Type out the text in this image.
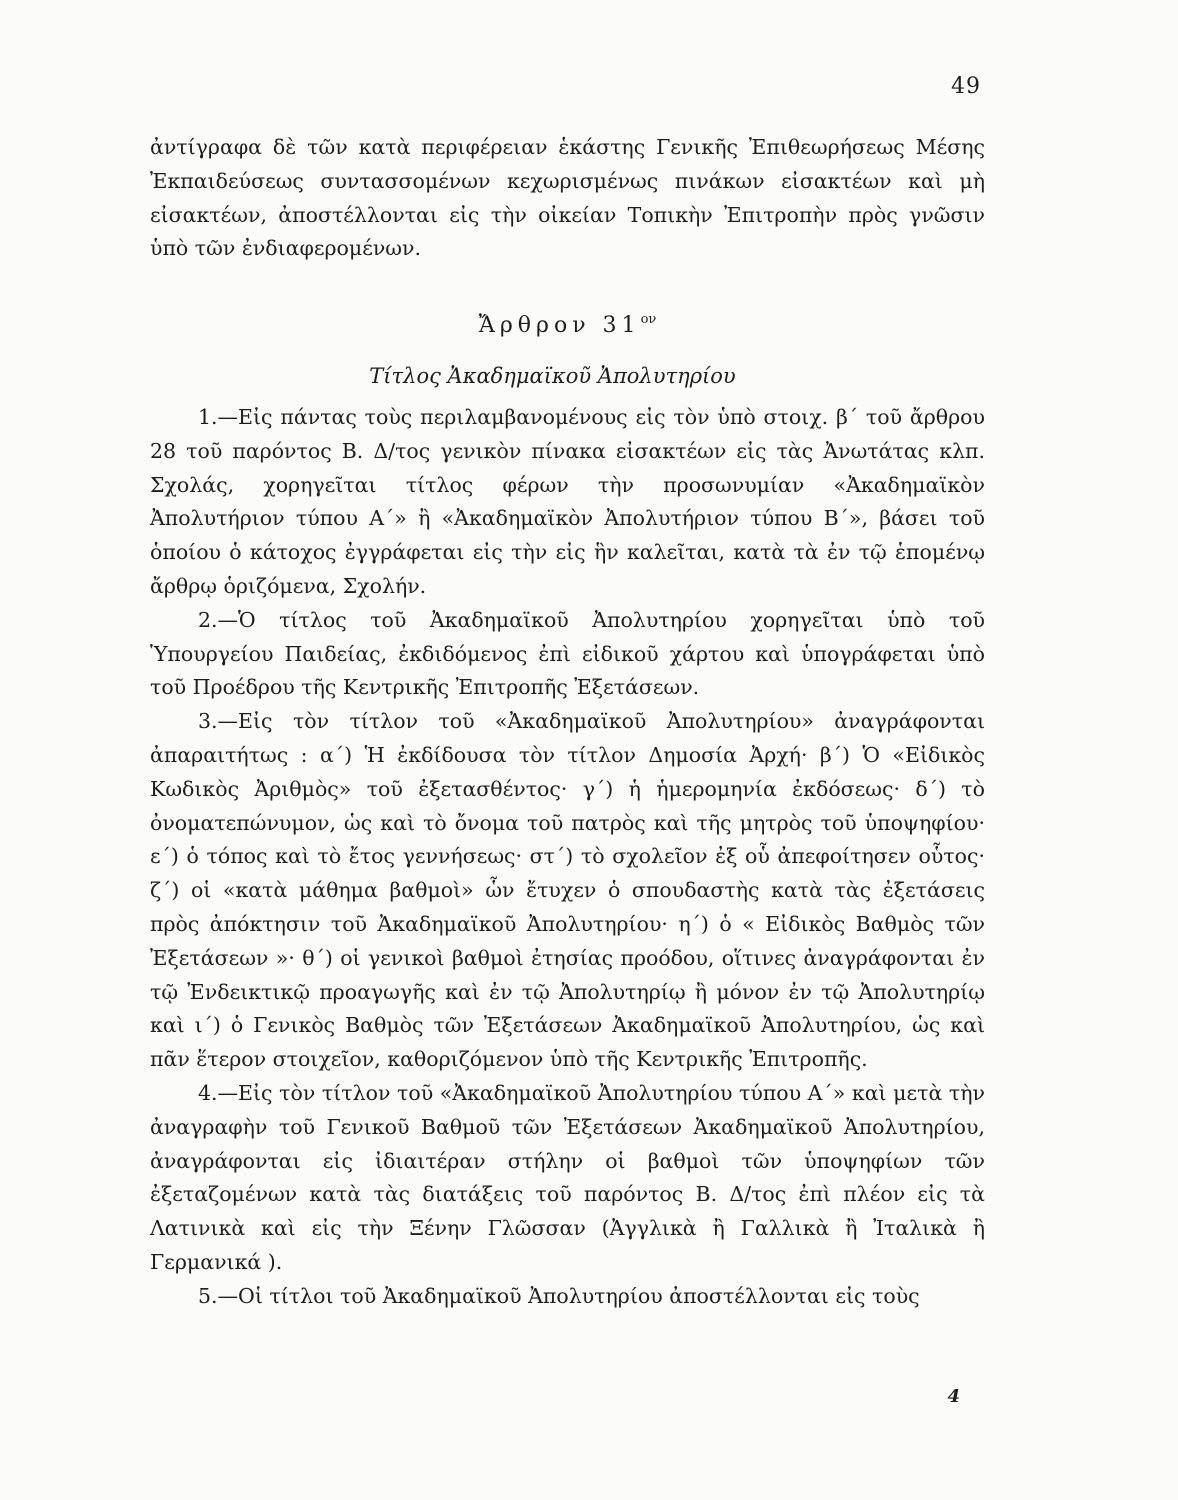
49

ἀντίγραφα δὲ τῶν κατὰ περιφέρειαν ἑκάστης Γενικῆς Ἐπιθεωρήσεως Μέσης Ἐκπαιδεύσεως συντασσομένων κεχωρισμένως πινάκων εἰσακτέων καὶ μὴ εἰσακτέων, ἀποστέλλονται εἰς τὴν οἰκείαν Τοπικὴν Ἐπιτροπὴν πρὸς γνῶσιν ὑπὸ τῶν ἐνδιαφερομένων.

Ἄρθρον $31^{o\nu}$
Τίτλος Ἀκαδημαϊκοῦ Ἀπολυτηρίου

1.—Εἰς πάντας τοὺς περιλαμβανομένους εἰς τὸν ὑπὸ στοιχ. β΄ τοῦ ἄρθρου 28 τοῦ παρόντος Β. Δ/τος γενικὸν πίνακα εἰσακτέων εἰς τὰς Ἀνωτάτας κλπ. Σχολάς, χορηγεῖται τίτλος φέρων τὴν προσωνυμίαν «Ἀκαδημαϊκὸν Ἀπολυτήριον τύπου Α΄» ἢ «Ἀκαδημαϊκὸν Ἀπολυτήριον τύπου Β΄», βάσει τοῦ ὁποίου ὁ κάτοχος ἐγγράφεται εἰς τὴν εἰς ἣν καλεῖται, κατὰ τὰ ἐν τῷ ἑπομένῳ ἄρθρῳ ὁριζόμενα, Σχολήν.

2.—Ὁ τίτλος τοῦ Ἀκαδημαϊκοῦ Ἀπολυτηρίου χορηγεῖται ὑπὸ τοῦ Ὑπουργείου Παιδείας, ἐκδιδόμενος ἐπὶ εἰδικοῦ χάρτου καὶ ὑπογράφεται ὑπὸ τοῦ Προέδρου τῆς Κεντρικῆς Ἐπιτροπῆς Ἐξετάσεων.

3.—Εἰς τὸν τίτλον τοῦ «Ἀκαδημαϊκοῦ Ἀπολυτηρίου» ἀναγράφονται ἀπαραιτήτως : α΄) Ἡ ἐκδίδουσα τὸν τίτλον Δημοσία Ἀρχή· β΄) Ὁ «Εἰδικὸς Κωδικὸς Ἀριθμὸς» τοῦ ἐξετασθέντος· γ΄) ἡ ἡμερομηνία ἐκδόσεως· δ΄) τὸ ὀνοματεπώνυμον, ὡς καὶ τὸ ὄνομα τοῦ πατρὸς καὶ τῆς μητρὸς τοῦ ὑποψηφίου· ε΄) ὁ τόπος καὶ τὸ ἔτος γεννήσεως· στ΄) τὸ σχολεῖον ἐξ οὗ ἀπεφοίτησεν οὗτος· ζ΄) οἱ «κατὰ μάθημα βαθμοὶ» ὧν ἔτυχεν ὁ σπουδαστὴς κατὰ τὰς ἐξετάσεις πρὸς ἀπόκτησιν τοῦ Ἀκαδημαϊκοῦ Ἀπολυτηρίου· η΄) ὁ « Εἰδικὸς Βαθμὸς τῶν Ἐξετάσεων »· θ΄) οἱ γενικοὶ βαθμοὶ ἐτησίας προόδου, οἵτινες ἀναγράφονται ἐν τῷ Ἐνδεικτικῷ προαγωγῆς καὶ ἐν τῷ Ἀπολυτηρίῳ ἢ μόνον ἐν τῷ Ἀπολυτηρίῳ καὶ ι΄) ὁ Γενικὸς Βαθμὸς τῶν Ἐξετάσεων Ἀκαδημαϊκοῦ Ἀπολυτηρίου, ὡς καὶ πᾶν ἕτερον στοιχεῖον, καθοριζόμενον ὑπὸ τῆς Κεντρικῆς Ἐπιτροπῆς.

4.—Εἰς τὸν τίτλον τοῦ «Ἀκαδημαϊκοῦ Ἀπολυτηρίου τύπου Α΄» καὶ μετὰ τὴν ἀναγραφὴν τοῦ Γενικοῦ Βαθμοῦ τῶν Ἐξετάσεων Ἀκαδημαϊκοῦ Ἀπολυτηρίου, ἀναγράφονται εἰς ἰδιαιτέραν στήλην οἱ βαθμοὶ τῶν ὑποψηφίων τῶν ἐξεταζομένων κατὰ τὰς διατάξεις τοῦ παρόντος Β. Δ/τος ἐπὶ πλέον εἰς τὰ Λατινικὰ καὶ εἰς τὴν Ξένην Γλῶσσαν (Ἀγγλικὰ ἢ Γαλλικὰ ἢ Ἰταλικὰ ἢ Γερμανικά ).

5.—Οἱ τίτλοι τοῦ Ἀκαδημαϊκοῦ Ἀπολυτηρίου ἀποστέλλονται εἰς τοὺς

4
